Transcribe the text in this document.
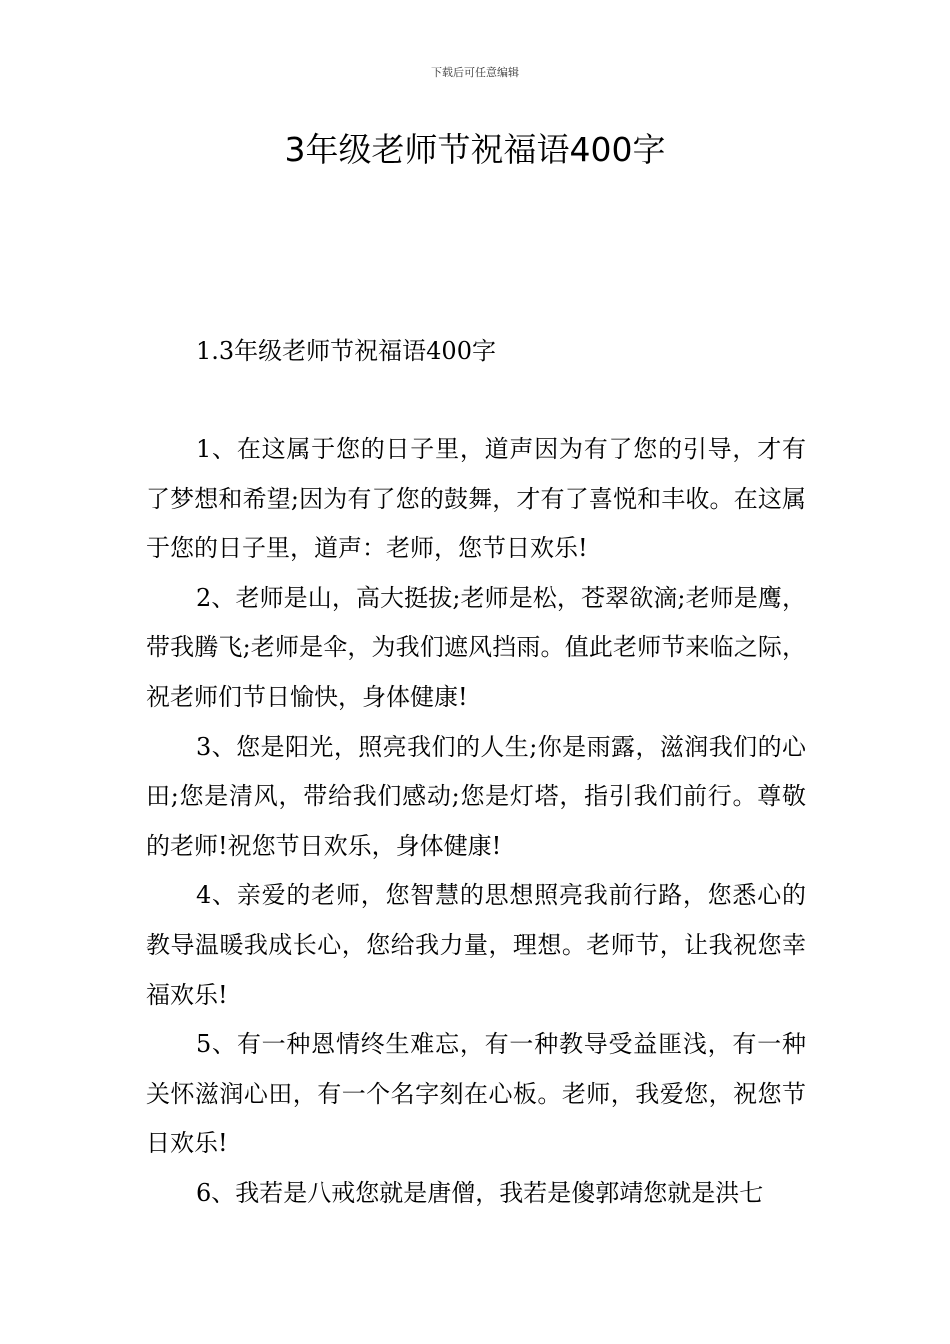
下载后可任意编辑
3年级老师节祝福语400字
1.3年级老师节祝福语400字

1、在这属于您的日子里，道声因为有了您的引导，才有了梦想和希望;因为有了您的鼓舞，才有了喜悦和丰收。在这属于您的日子里，道声：老师，您节日欢乐!

2、老师是山，高大挺拔;老师是松，苍翠欲滴;老师是鹰，带我腾飞;老师是伞，为我们遮风挡雨。值此老师节来临之际，祝老师们节日愉快，身体健康!

3、您是阳光，照亮我们的人生;你是雨露，滋润我们的心田;您是清风，带给我们感动;您是灯塔，指引我们前行。尊敬的老师!祝您节日欢乐，身体健康!

4、亲爱的老师，您智慧的思想照亮我前行路，您悉心的教导温暖我成长心，您给我力量，理想。老师节，让我祝您幸福欢乐!

5、有一种恩情终生难忘，有一种教导受益匪浅，有一种关怀滋润心田，有一个名字刻在心板。老师，我爱您，祝您节日欢乐!

6、我若是八戒您就是唐僧，我若是傻郭靖您就是洪七
